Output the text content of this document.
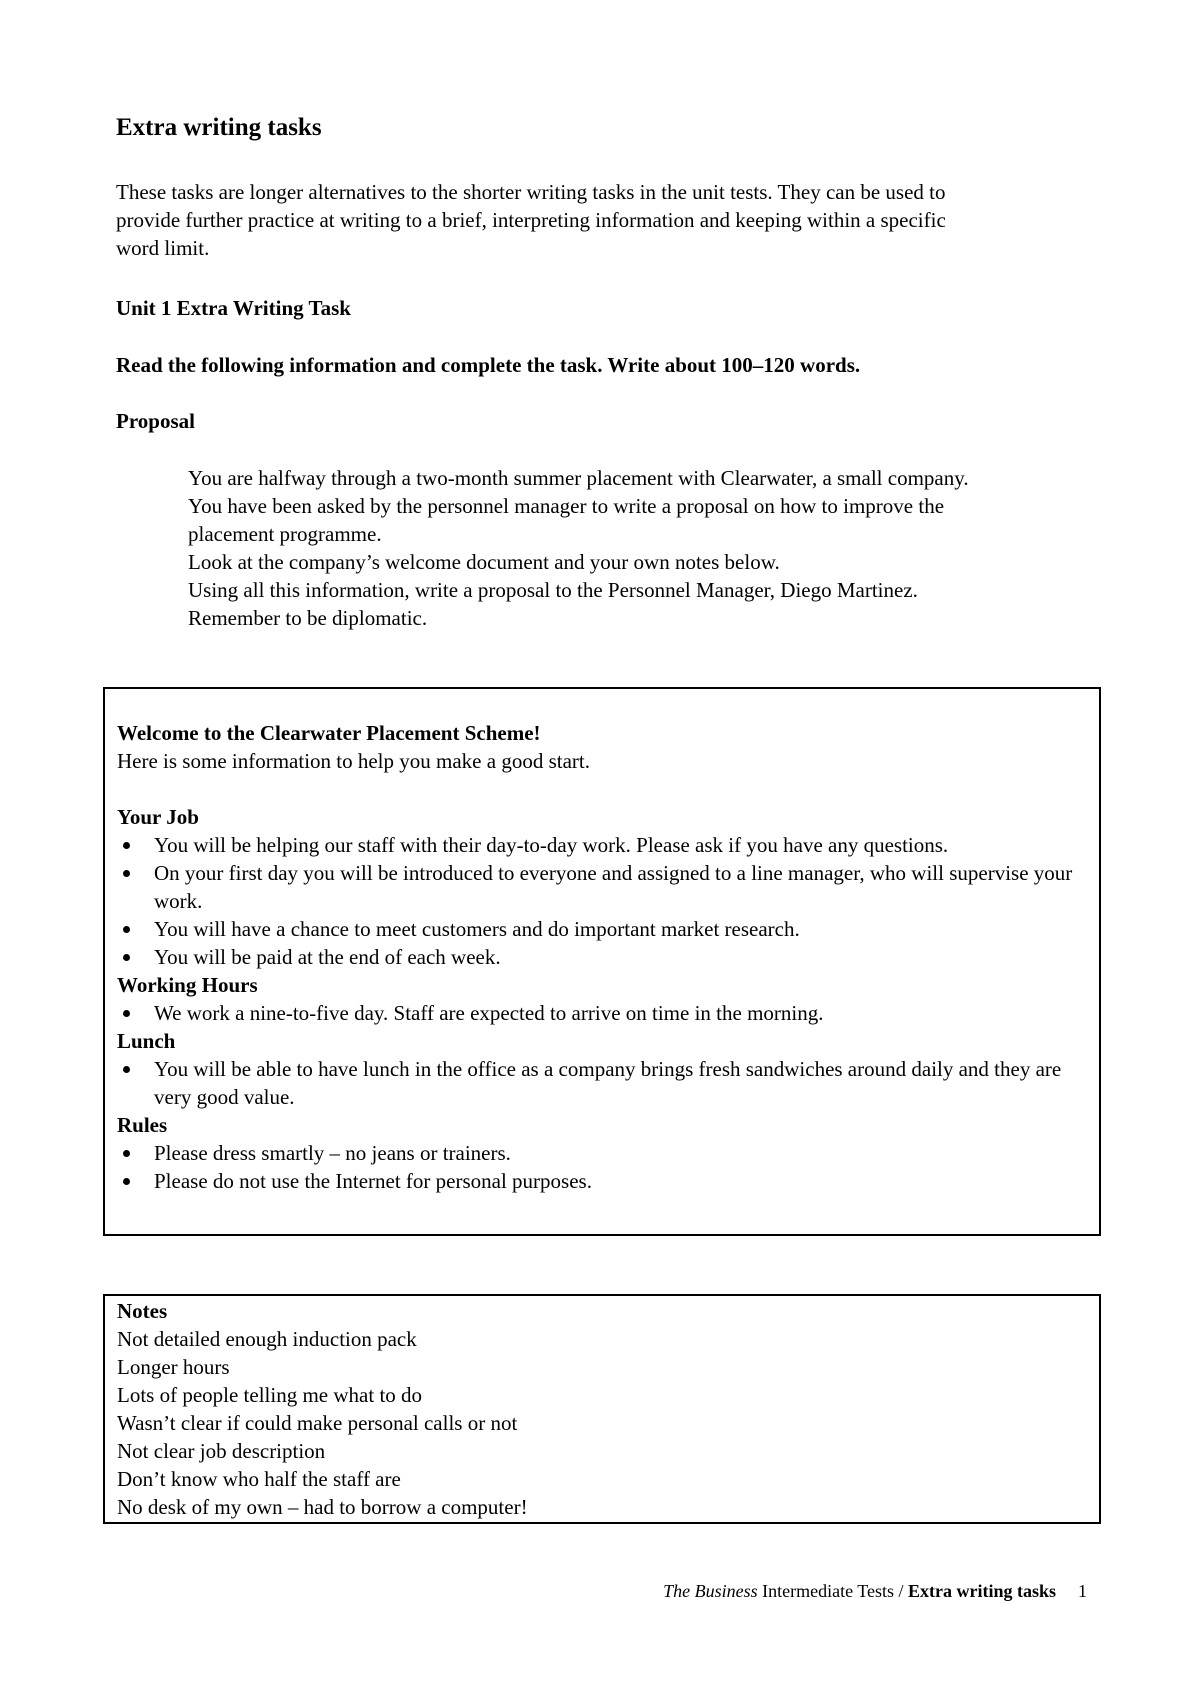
Extra writing tasks

These tasks are longer alternatives to the shorter writing tasks in the unit tests. They can be used to
provide further practice at writing to a brief, interpreting information and keeping within a specific
word limit.

Unit 1 Extra Writing Task

Read the following information and complete the task. Write about 100–120 words.

Proposal

You are halfway through a two-month summer placement with Clearwater, a small company.
You have been asked by the personnel manager to write a proposal on how to improve the
placement programme.
Look at the company’s welcome document and your own notes below.
Using all this information, write a proposal to the Personnel Manager, Diego Martinez.
Remember to be diplomatic.

Welcome to the Clearwater Placement Scheme!
Here is some information to help you make a good start.
Your Job
You will be helping our staff with their day-to-day work. Please ask if you have any questions.
On your first day you will be introduced to everyone and assigned to a line manager, who will supervise your work.
You will have a chance to meet customers and do important market research.
You will be paid at the end of each week.
Working Hours
We work a nine-to-five day. Staff are expected to arrive on time in the morning.
Lunch
You will be able to have lunch in the office as a company brings fresh sandwiches around daily and they are very good value.
Rules
Please dress smartly – no jeans or trainers.
Please do not use the Internet for personal purposes.
Notes
Not detailed enough induction pack
Longer hours
Lots of people telling me what to do
Wasn’t clear if could make personal calls or not
Not clear job description
Don’t know who half the staff are
No desk of my own – had to borrow a computer!
The Business Intermediate Tests / Extra writing tasks 1
